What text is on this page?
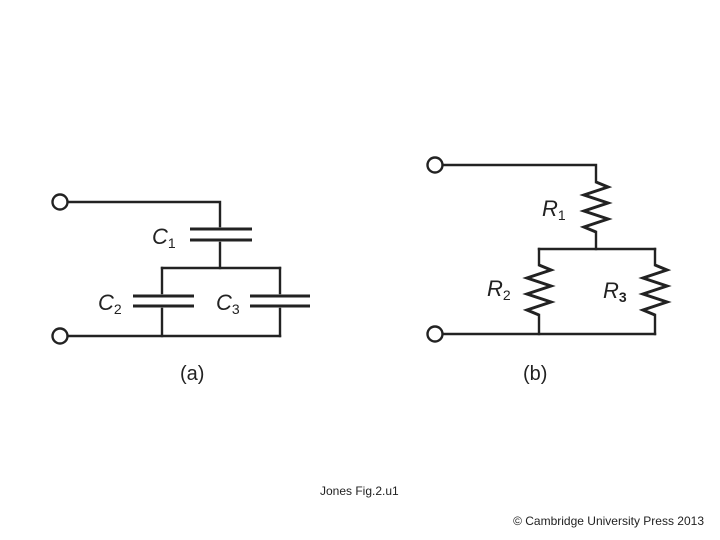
C1
C2	C3
(a)
R1
R2	R3
(b)
Jones Fig.2.u1
© Cambridge University Press 2013
